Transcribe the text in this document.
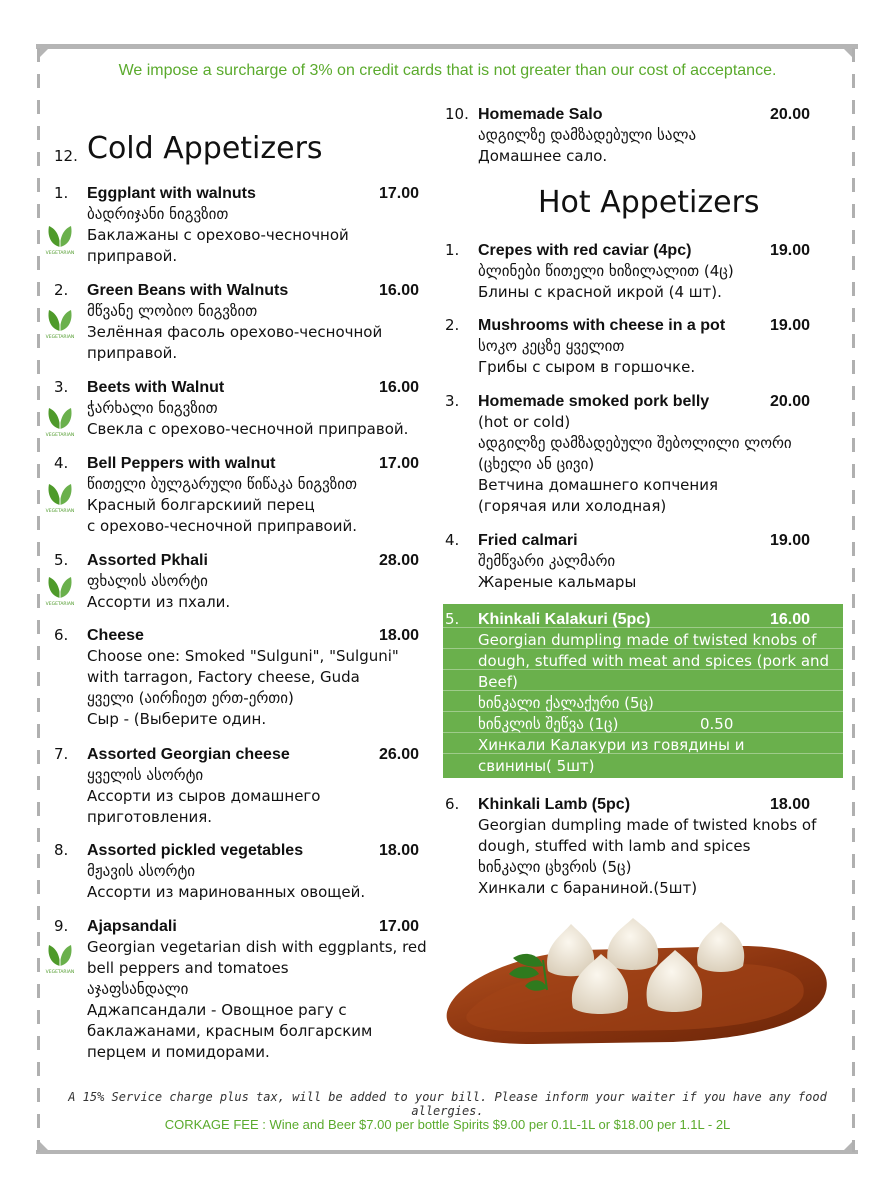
We impose a surcharge of 3% on credit cards that is not greater than our cost of acceptance.
12. Cold Appetizers
1. Eggplant with walnuts	17.00
ბადრიჯანი ნიგვზით
Баклажаны с орехово-чесночной
приправой.
2. Green Beans with Walnuts	16.00
მწვანე ლობიო ნიგვზით
Зелённая фасоль орехово-чесночной
приправой.
3. Beets with Walnut	16.00
ჭარხალი ნიგვზით
Свекла с орехово-чесночной приправой.
4. Bell Peppers with walnut	17.00
წითელი ბულგარული წიწაკა ნიგვზით
Красный болгарскиий перец
с орехово-чесночной приправоий.
5. Assorted Pkhali	28.00
ფხალის ასორტი
Ассорти из пхали.
6. Cheese	18.00
Choose one: Smoked "Sulguni", "Sulguni"
with tarragon, Factory cheese, Guda
ყველი (აირჩიეთ ერთ-ერთი)
Сыр - (Выберите один.
7. Assorted Georgian cheese	26.00
ყველის ასორტი
Ассорти из сыров домашнего
приготовления.
8. Assorted pickled vegetables	18.00
მჟავის ასორტი
Ассорти из маринованных овощей.
9. Ajapsandali	17.00
Georgian vegetarian dish with eggplants, red
bell peppers and tomatoes
აჯაფსანდალი
Аджапсандали - Овощное рагу с
баклажанами, красным болгарским
перцем и помидорами.
VEGETARIAN
VEGETARIAN
VEGETARIAN
VEGETARIAN
VEGETARIAN
VEGETARIAN
10. Homemade Salo	20.00
ადგილზე დამზადებული სალა
Домашнее сало.
Hot Appetizers
1. Crepes with red caviar (4pc)	19.00
ბლინები წითელი ხიზილალით (4ც)
Блины с красной икрой (4 шт).
2. Mushrooms with cheese in a pot	19.00
სოკო კეცზე ყველით
Грибы с сыром в горшочке.
3. Homemade smoked pork belly	20.00
(hot or cold)
ადგილზე დამზადებული შებოლილი ლორი
(ცხელი ან ცივი)
Ветчина домашнего копчения
(горячая или холодная)
4. Fried calmari	19.00
შემწვარი კალმარი
Жареные кальмары
5. Khinkali Kalakuri (5pc)	16.00
Georgian dumpling made of twisted knobs of
dough, stuffed with meat and spices (pork and
Beef)
ხინკალი ქალაქური (5ც)
ხინკლის შეწვა (1ც)	0.50
Хинкали Калакури из говядины и
свинины( 5шт)
6. Khinkali Lamb (5pc)	18.00
Georgian dumpling made of twisted knobs of
dough, stuffed with lamb and spices
ხინკალი ცხვრის (5ც)
Хинкали с бараниной.(5шт)
A 15% Service charge plus tax, will be added to your bill. Please inform your waiter if you have any food allergies.
CORKAGE FEE : Wine and Beer $7.00 per bottle Spirits $9.00 per 0.1L-1L or $18.00 per 1.1L - 2L
